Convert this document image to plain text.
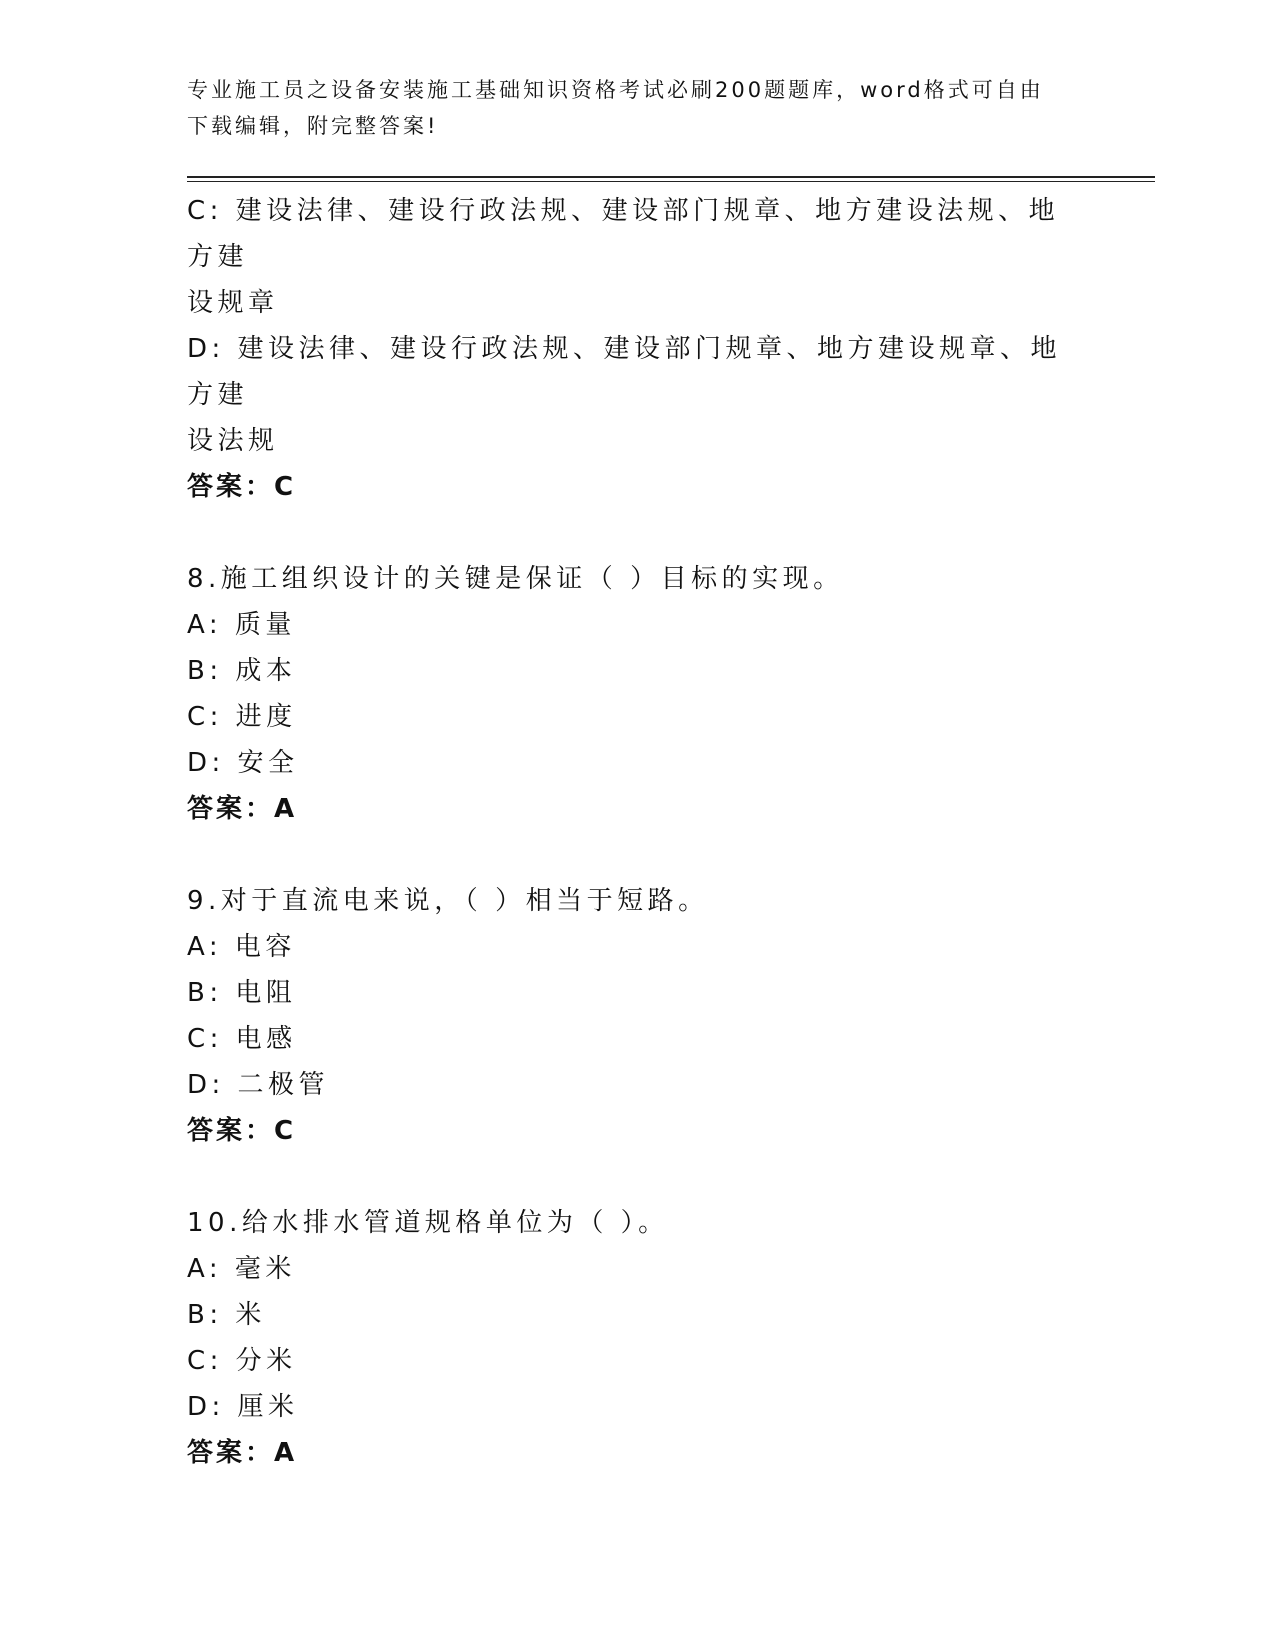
专业施工员之设备安装施工基础知识资格考试必刷200题题库，word格式可自由
下载编辑，附完整答案!
C: 建设法律、建设行政法规、建设部门规章、地方建设法规、地方建
设规章
D: 建设法律、建设行政法规、建设部门规章、地方建设规章、地方建
设法规
答案：C
8.施工组织设计的关键是保证（ ）目标的实现。
A: 质量
B: 成本
C: 进度
D: 安全
答案：A
9.对于直流电来说，（ ）相当于短路。
A: 电容
B: 电阻
C: 电感
D: 二极管
答案：C
10.给水排水管道规格单位为（ ）。
A: 毫米
B: 米
C: 分米
D: 厘米
答案：A
